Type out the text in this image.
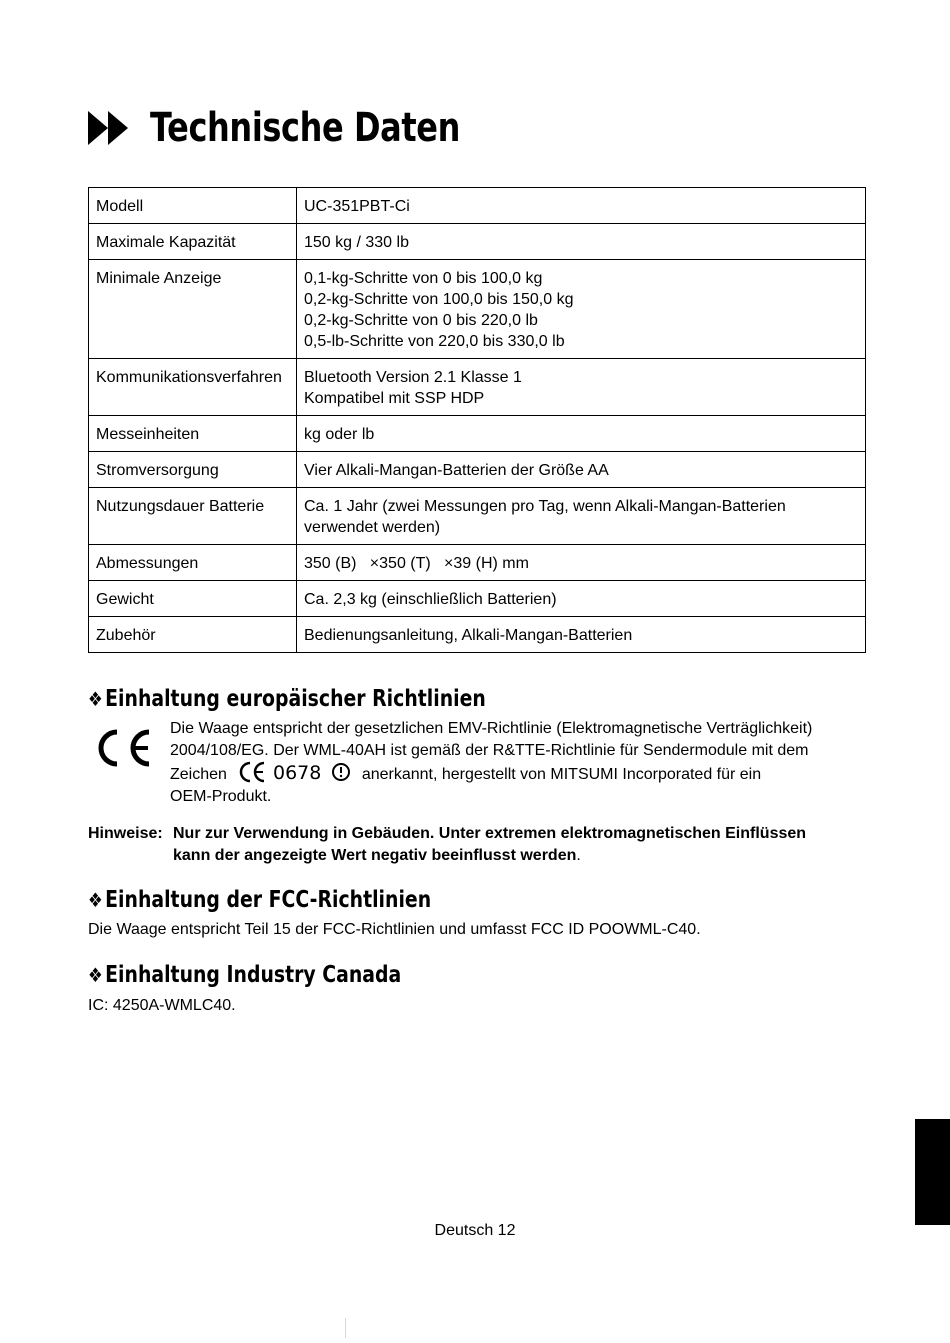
Technische Daten
Modell	UC-351PBT-Ci

Maximale Kapazität	150 kg / 330 lb

Minimale Anzeige	0,1-kg-Schritte von 0 bis 100,0 kg
0,2-kg-Schritte von 100,0 bis 150,0 kg
0,2-kg-Schritte von 0 bis 220,0 lb
0,5-lb-Schritte von 220,0 bis 330,0 lb

Kommunikationsverfahren	Bluetooth Version 2.1 Klasse 1
Kompatibel mit SSP HDP

Messeinheiten	kg oder lb

Stromversorgung	Vier Alkali-Mangan-Batterien der Größe AA

Nutzungsdauer Batterie	Ca. 1 Jahr (zwei Messungen pro Tag, wenn Alkali-Mangan-Batterien
verwendet werden)

Abmessungen	350 (B)   ×350 (T)   ×39 (H) mm

Gewicht	Ca. 2,3 kg (einschließlich Batterien)

Zubehör	Bedienungsanleitung, Alkali-Mangan-Batterien
❖ Einhaltung europäischer Richtlinien
Die Waage entspricht der gesetzlichen EMV-Richtlinie (Elektromagnetische Verträglichkeit)
2004/108/EG. Der WML-40AH ist gemäß der R&TTE-Richtlinie für Sendermodule mit dem
Zeichen 0678	anerkannt, hergestellt von MITSUMI Incorporated für ein
OEM-Produkt.
Hinweise: Nur zur Verwendung in Gebäuden. Unter extremen elektromagnetischen Einflüssen
kann der angezeigte Wert negativ beeinflusst werden.
❖ Einhaltung der FCC-Richtlinien
Die Waage entspricht Teil 15 der FCC-Richtlinien und umfasst FCC ID POOWML-C40.
❖ Einhaltung Industry Canada
IC: 4250A-WMLC40.
Deutsch 12
